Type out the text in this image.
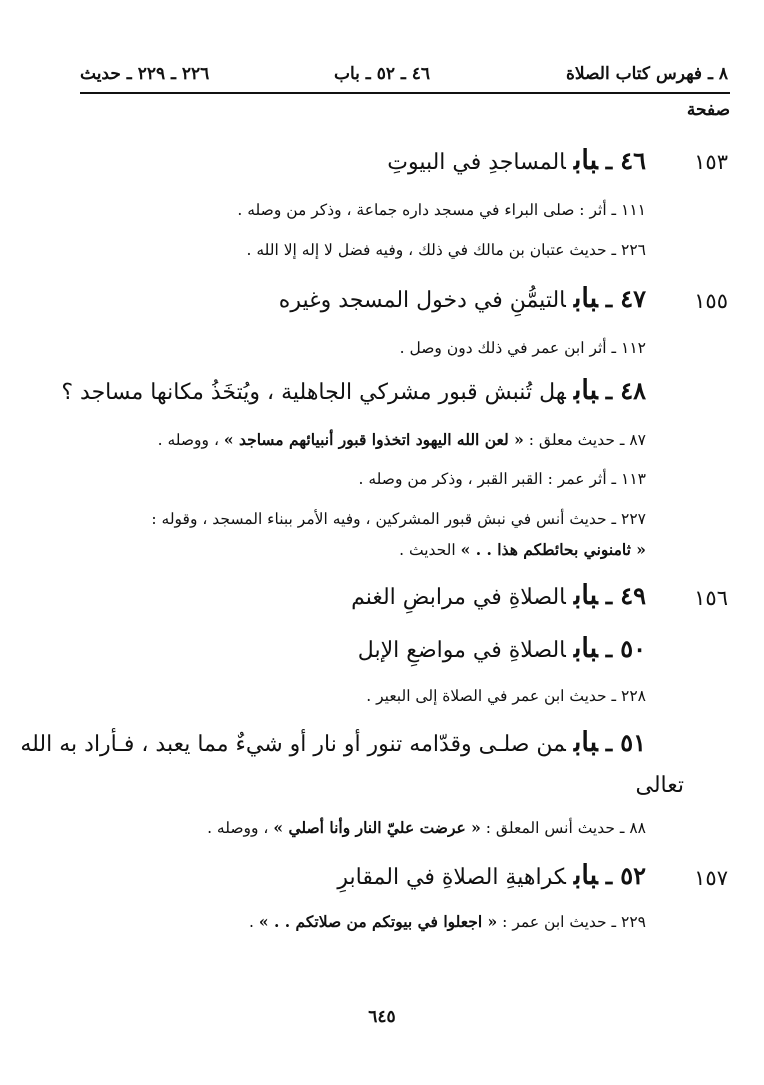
٨ ـ فهرس كتاب الصلاة
٤٦ ـ ٥٢ ـ باب
٢٢٦ ـ ٢٢٩ ـ حديث
صفحة
١٥٣
٤٦ـبابالمساجدِ في البيوتِ
١١١ ـ أثر : صلى البراء في مسجد داره جماعة ، وذكر من وصله .
٢٢٦ ـ حديث عتبان بن مالك في ذلك ، وفيه فضل لا إله إلا الله .
١٥٥
٤٧ـبابالتيمُّنِ في دخول المسجد وغيره
١١٢ ـ أثر ابن عمر في ذلك دون وصل .
٤٨ـبابهل تُنبش قبور مشركي الجاهلية ، ويُتخَذُ مكانها مساجد ؟
٨٧ ـ حديث معلق : « لعن الله اليهود اتخذوا قبور أنبيائهم مساجد » ، ووصله .
١١٣ ـ أثر عمر : القبر القبر ، وذكر من وصله .
٢٢٧ ـ حديث أنس في نبش قبور المشركين ، وفيه الأمر ببناء المسجد ، وقوله :
« ثامنوني بحائطكم هذا . . » الحديث .
١٥٦
٤٩ـبابالصلاةِ في مرابضِ الغنم
٥٠ـبابالصلاةِ في مواضعِ الإبل
٢٢٨ ـ حديث ابن عمر في الصلاة إلى البعير .
٥١ـبابمن صلـى وقدّامه تنور أو نار أو شيءٌ مما يعبد ، فـأراد به الله
تعالى
٨٨ ـ حديث أنس المعلق : « عرضت عليّ النار وأنا أصلي » ، ووصله .
١٥٧
٥٢ـبابكراهيةِ الصلاةِ في المقابرِ
٢٢٩ ـ حديث ابن عمر : « اجعلوا في بيوتكم من صلاتكم . . » .
٦٤٥
